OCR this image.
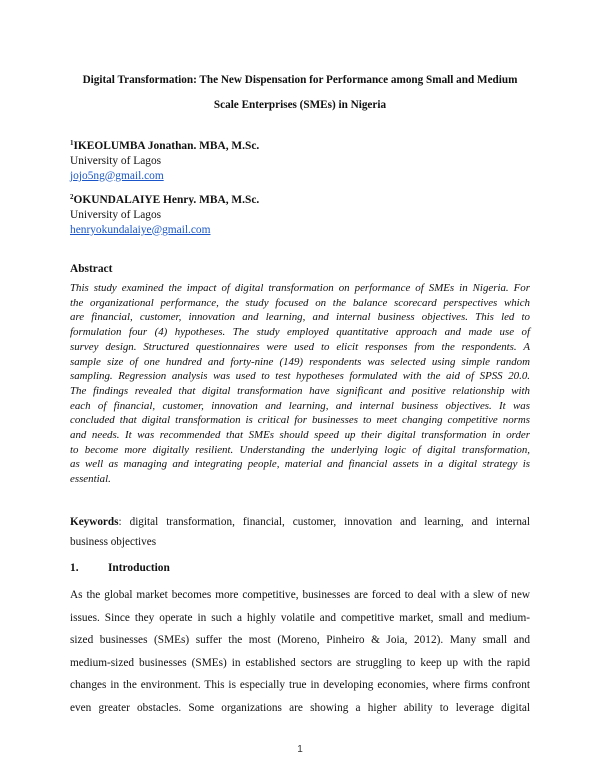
Digital Transformation: The New Dispensation for Performance among Small and Medium
Scale Enterprises (SMEs) in Nigeria
$^1$IKEOLUMBA Jonathan. MBA, M.Sc.
University of Lagos
jojo5ng@gmail.com
$^2$OKUNDALAIYE Henry. MBA, M.Sc.
University of Lagos
henryokundalaiye@gmail.com
Abstract
This study examined the impact of digital transformation on performance of SMEs in Nigeria. For
the organizational performance, the study focused on the balance scorecard perspectives which
are financial, customer, innovation and learning, and internal business objectives. This led to
formulation four (4) hypotheses. The study employed quantitative approach and made use of
survey design. Structured questionnaires were used to elicit responses from the respondents. A
sample size of one hundred and forty-nine (149) respondents was selected using simple random
sampling. Regression analysis was used to test hypotheses formulated with the aid of SPSS 20.0.
The findings revealed that digital transformation have significant and positive relationship with
each of financial, customer, innovation and learning, and internal business objectives. It was
concluded that digital transformation is critical for businesses to meet changing competitive norms
and needs. It was recommended that SMEs should speed up their digital transformation in order
to become more digitally resilient. Understanding the underlying logic of digital transformation,
as well as managing and integrating people, material and financial assets in a digital strategy is
essential.
Keywords: digital transformation, financial, customer, innovation and learning, and internal
business objectives
1.	Introduction
As the global market becomes more competitive, businesses are forced to deal with a slew of new
issues. Since they operate in such a highly volatile and competitive market, small and medium-
sized businesses (SMEs) suffer the most (Moreno, Pinheiro & Joia, 2012). Many small and
medium-sized businesses (SMEs) in established sectors are struggling to keep up with the rapid
changes in the environment. This is especially true in developing economies, where firms confront
even greater obstacles. Some organizations are showing a higher ability to leverage digital
1
